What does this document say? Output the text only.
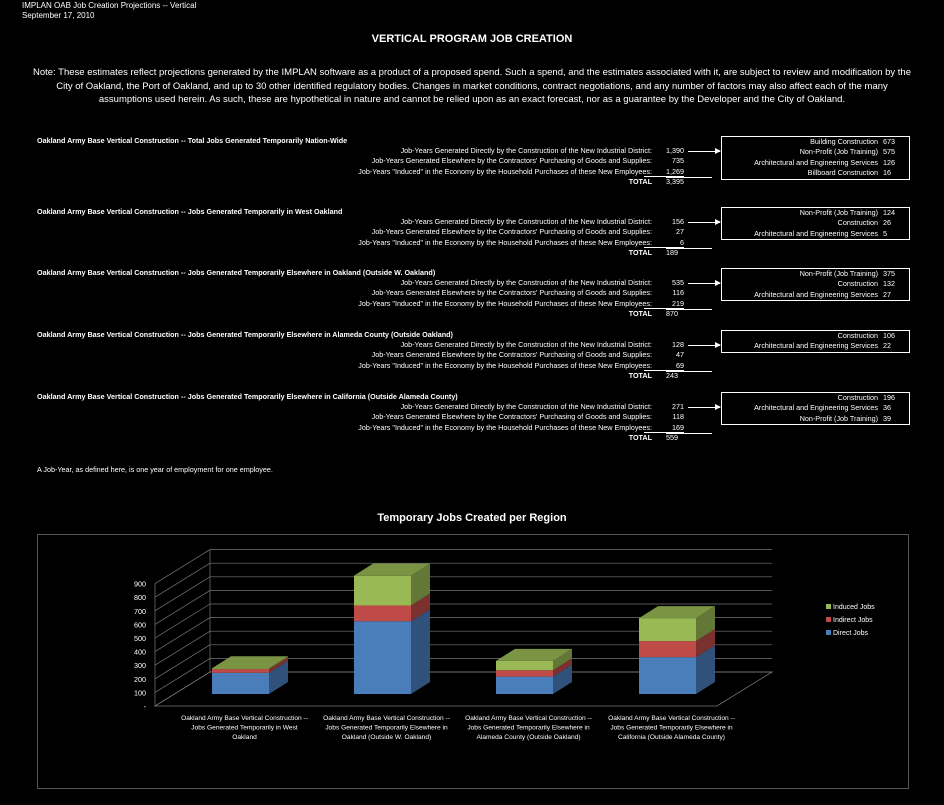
IMPLAN OAB Job Creation Projections -- Vertical
September 17, 2010
VERTICAL PROGRAM JOB CREATION
Note: These estimates reflect projections generated by the IMPLAN software as a product of a proposed spend. Such a spend, and the estimates associated with it, are subject to review and modification by the City of Oakland, the Port of Oakland, and up to 30 other identified regulatory bodies. Changes in market conditions, contract negotiations, and any number of factors may also affect each of the many assumptions used herein. As such, these are hypothetical in nature and cannot be relied upon as an exact forecast, nor as a guarantee by the Developer and the City of Oakland.
Oakland Army Base Vertical Construction -- Total Jobs Generated Temporarily Nation-Wide
Job-Years Generated Directly by the Construction of the New Industrial District:	1,390
Job-Years Generated Elsewhere by the Contractors' Purchasing of Goods and Supplies:	735
Job-Years "Induced" in the Economy by the Household Purchases of these New Employees:	1,269
TOTAL 3,395
Building Construction 673
Non-Profit (Job Training) 575
Architectural and Engineering Services 126
Billboard Construction 16
Oakland Army Base Vertical Construction -- Jobs Generated Temporarily in West Oakland
Job-Years Generated Directly by the Construction of the New Industrial District:	156
Job-Years Generated Elsewhere by the Contractors' Purchasing of Goods and Supplies:	27
Job-Years "Induced" in the Economy by the Household Purchases of these New Employees:	6
TOTAL 189
Non-Profit (Job Training) 124
Construction 26
Architectural and Engineering Services 5
Oakland Army Base Vertical Construction -- Jobs Generated Temporarily Elsewhere in Oakland (Outside W. Oakland)
Job-Years Generated Directly by the Construction of the New Industrial District:	535
Job-Years Generated Elsewhere by the Contractors' Purchasing of Goods and Supplies:	116
Job-Years "Induced" in the Economy by the Household Purchases of these New Employees:	219
TOTAL 870
Non-Profit (Job Training) 375
Construction 132
Architectural and Engineering Services 27
Oakland Army Base Vertical Construction -- Jobs Generated Temporarily Elsewhere in Alameda County (Outside Oakland)
Job-Years Generated Directly by the Construction of the New Industrial District:	128
Job-Years Generated Elsewhere by the Contractors' Purchasing of Goods and Supplies:	47
Job-Years "Induced" in the Economy by the Household Purchases of these New Employees:	69
TOTAL 243
Construction 106
Architectural and Engineering Services 22
Oakland Army Base Vertical Construction -- Jobs Generated Temporarily Elsewhere in California (Outside Alameda County)
Job-Years Generated Directly by the Construction of the New Industrial District:	271
Job-Years Generated Elsewhere by the Contractors' Purchasing of Goods and Supplies:	118
Job-Years "Induced" in the Economy by the Household Purchases of these New Employees:	169
TOTAL 559
Construction 196
Architectural and Engineering Services 36
Non-Profit (Job Training) 39
A Job-Year, as defined here, is one year of employment for one employee.
Temporary Jobs Created per Region
-
100
200
300
400
500
600
700
800
900
Oakland Army Base Vertical Construction --
Jobs Generated Temporarily in West
Oakland
Oakland Army Base Vertical Construction --
Jobs Generated Temporarily Elsewhere in
Oakland (Outside W. Oakland)
Oakland Army Base Vertical Construction --
Jobs Generated Temporarily Elsewhere in
Alameda County (Outside Oakland)
Oakland Army Base Vertical Construction --
Jobs Generated Temporarily Elsewhere in
California (Outside Alameda County)
Induced Jobs
Indirect Jobs
Direct Jobs
